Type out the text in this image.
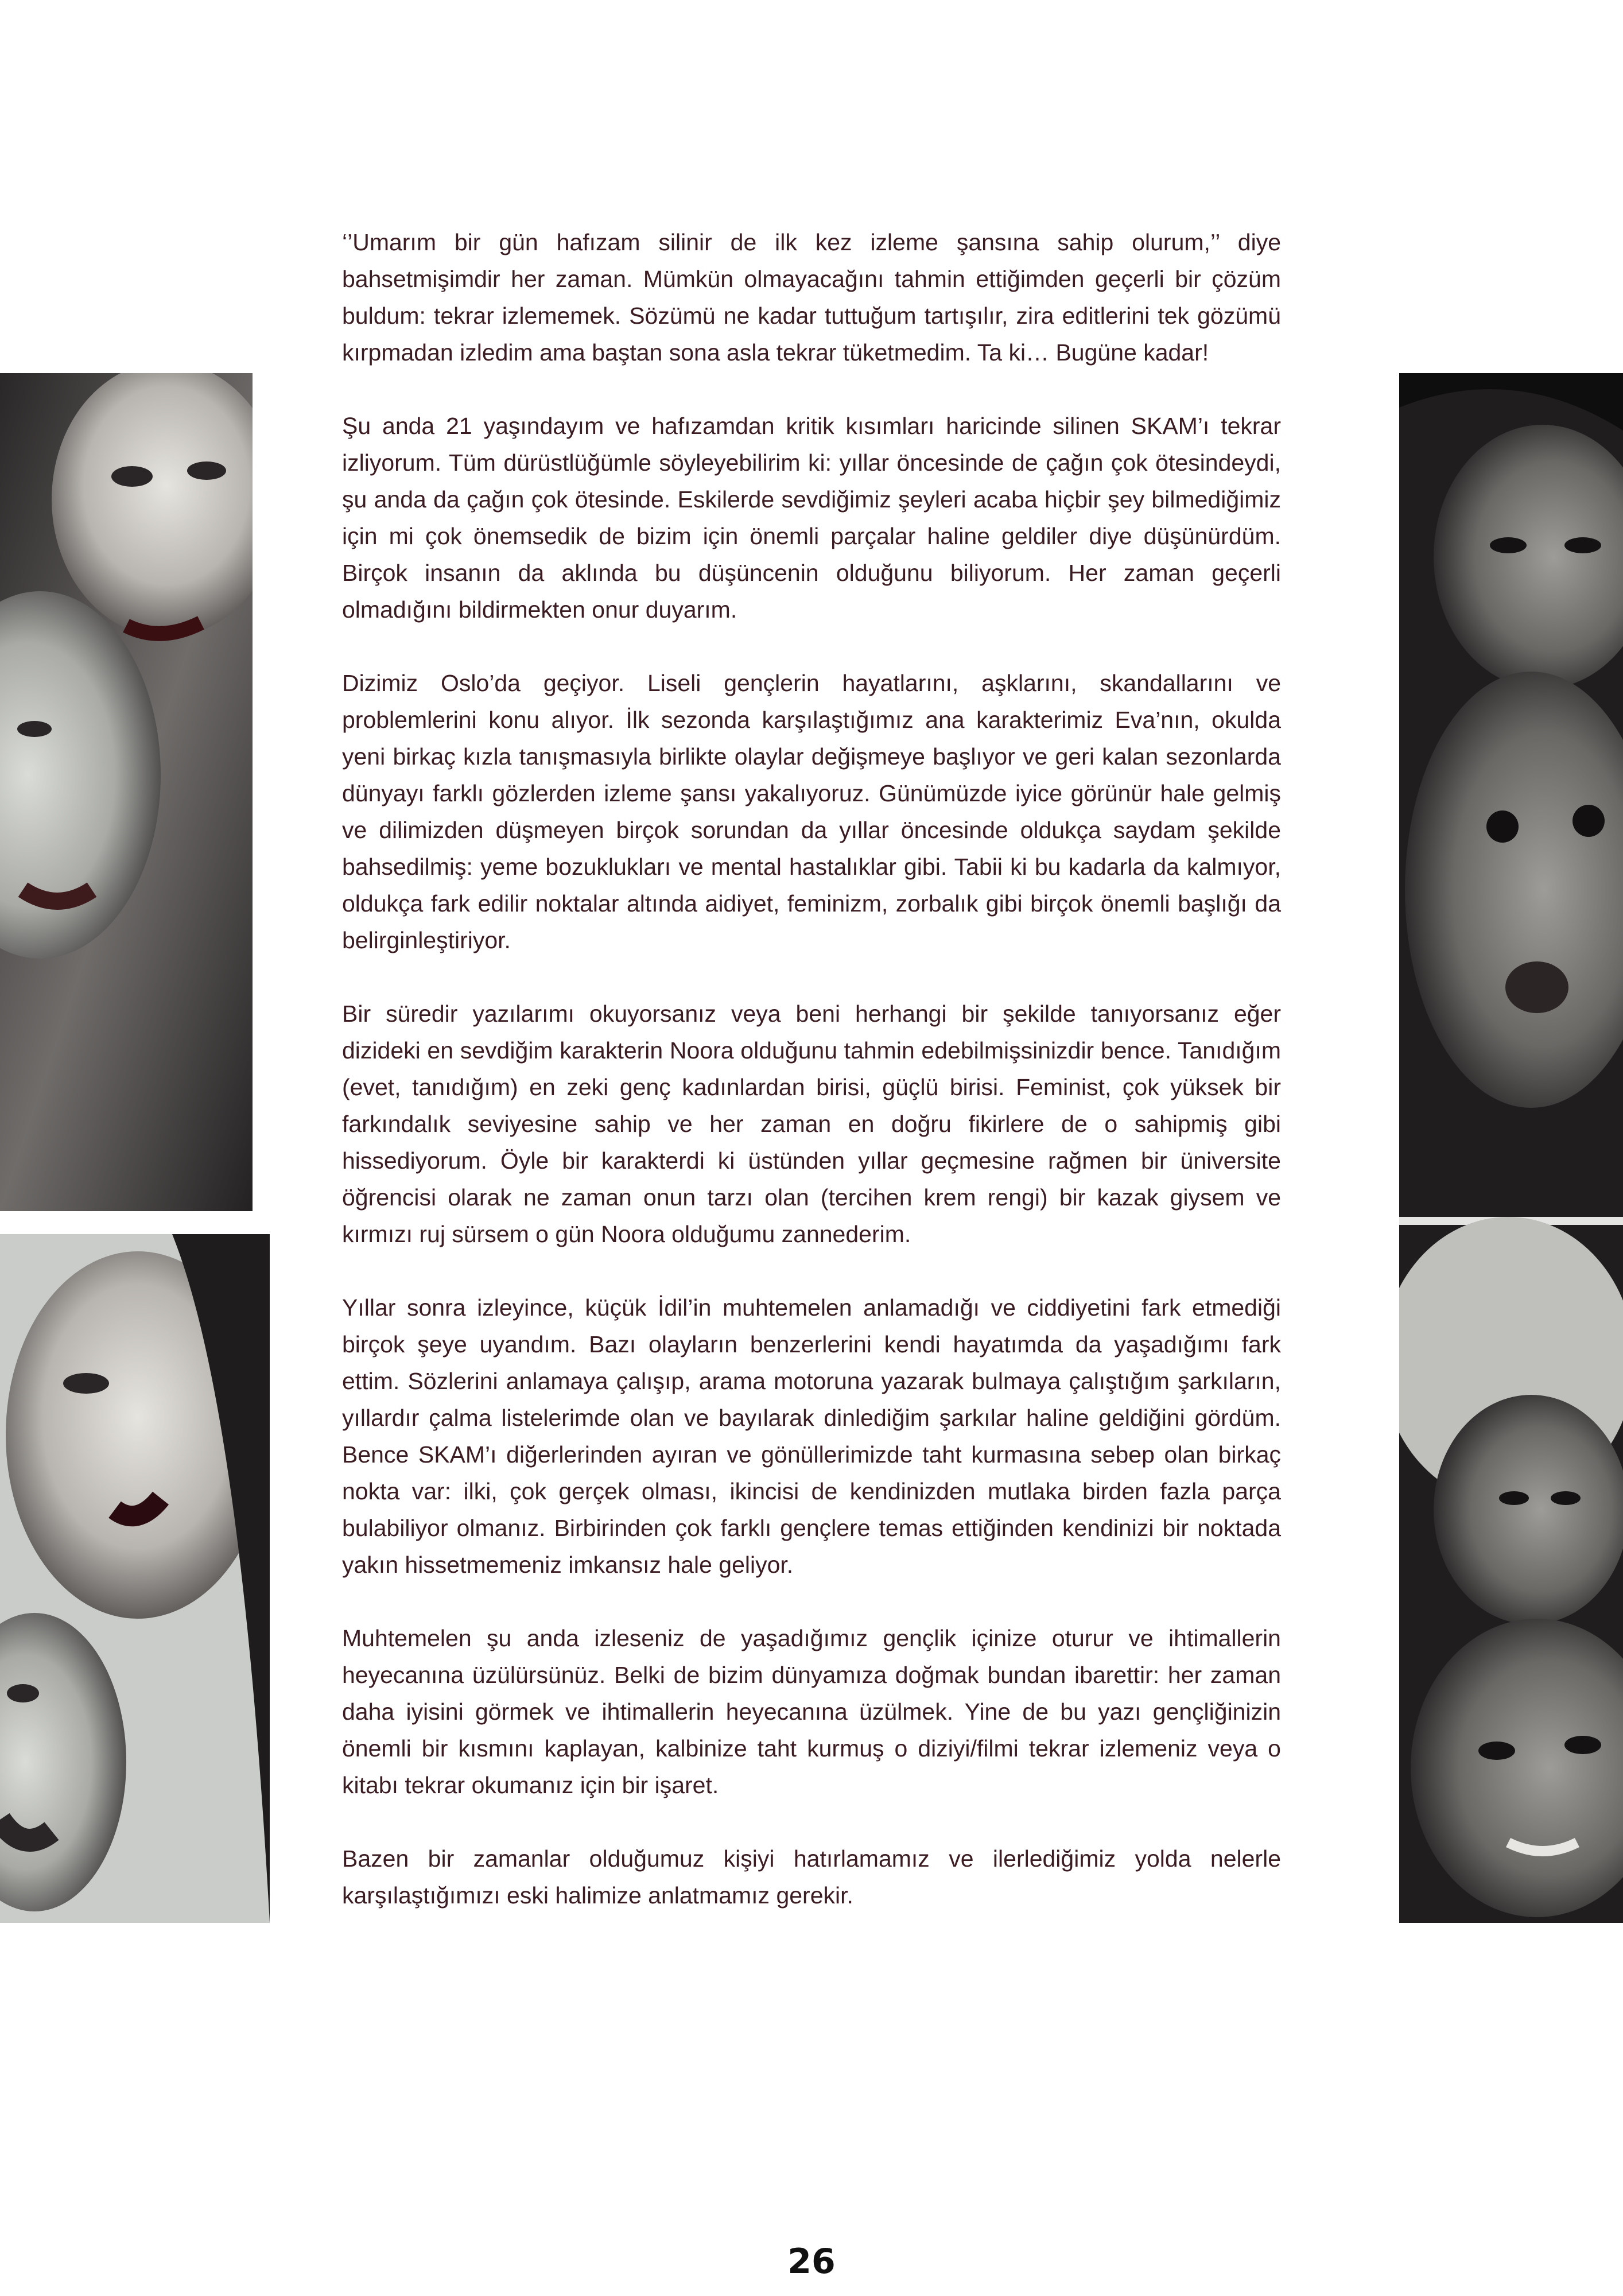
‘’Umarım bir gün hafızam silinir de ilk kez izleme şansına sahip olurum,’’ diye bahsetmişimdir her zaman. Mümkün olmayacağını tahmin ettiğimden geçerli bir çözüm buldum: tekrar izlememek. Sözümü ne kadar tuttuğum tartışılır, zira editlerini tek gözümü kırpmadan izledim ama baştan sona asla tekrar tüketmedim. Ta ki… Bugüne kadar!

Şu anda 21 yaşındayım ve hafızamdan kritik kısımları haricinde silinen SKAM’ı tekrar izliyorum. Tüm dürüstlüğümle söyleyebilirim ki: yıllar öncesinde de çağın çok ötesindeydi, şu anda da çağın çok ötesinde. Eskilerde sevdiğimiz şeyleri acaba hiçbir şey bilmediğimiz için mi çok önemsedik de bizim için önemli parçalar haline geldiler diye düşünürdüm. Birçok insanın da aklında bu düşüncenin olduğunu biliyorum. Her zaman geçerli olmadığını bildirmekten onur duyarım.

Dizimiz Oslo’da geçiyor. Liseli gençlerin hayatlarını, aşklarını, skandallarını ve problemlerini konu alıyor. İlk sezonda karşılaştığımız ana karakterimiz Eva’nın, okulda yeni birkaç kızla tanışmasıyla birlikte olaylar değişmeye başlıyor ve geri kalan sezonlarda dünyayı farklı gözlerden izleme şansı yakalıyoruz. Günümüzde iyice görünür hale gelmiş ve dilimizden düşmeyen birçok sorundan da yıllar öncesinde oldukça saydam şekilde bahsedilmiş: yeme bozuklukları ve mental hastalıklar gibi. Tabii ki bu kadarla da kalmıyor, oldukça fark edilir noktalar altında aidiyet, feminizm, zorbalık gibi birçok önemli başlığı da belirginleştiriyor.

Bir süredir yazılarımı okuyorsanız veya beni herhangi bir şekilde tanıyorsanız eğer dizideki en sevdiğim karakterin Noora olduğunu tahmin edebilmişsinizdir bence. Tanıdığım (evet, tanıdığım) en zeki genç kadınlardan birisi, güçlü birisi. Feminist, çok yüksek bir farkındalık seviyesine sahip ve her zaman en doğru fikirlere de o sahipmiş gibi hissediyorum. Öyle bir karakterdi ki üstünden yıllar geçmesine rağmen bir üniversite öğrencisi olarak ne zaman onun tarzı olan (tercihen krem rengi) bir kazak giysem ve kırmızı ruj sürsem o gün Noora olduğumu zannederim.

Yıllar sonra izleyince, küçük İdil’in muhtemelen anlamadığı ve ciddiyetini fark etmediği birçok şeye uyandım. Bazı olayların benzerlerini kendi hayatımda da yaşadığımı fark ettim. Sözlerini anlamaya çalışıp, arama motoruna yazarak bulmaya çalıştığım şarkıların, yıllardır çalma listelerimde olan ve bayılarak dinlediğim şarkılar haline geldiğini gördüm. Bence SKAM’ı diğerlerinden ayıran ve gönüllerimizde taht kurmasına sebep olan birkaç nokta var: ilki, çok gerçek olması, ikincisi de kendinizden mutlaka birden fazla parça bulabiliyor olmanız. Birbirinden çok farklı gençlere temas ettiğinden kendinizi bir noktada yakın hissetmemeniz imkansız hale geliyor.

Muhtemelen şu anda izleseniz de yaşadığımız gençlik içinize oturur ve ihtimallerin heyecanına üzülürsünüz. Belki de bizim dünyamıza doğmak bundan ibarettir: her zaman daha iyisini görmek ve ihtimallerin heyecanına üzülmek. Yine de bu yazı gençliğinizin önemli bir kısmını kaplayan, kalbinize taht kurmuş o diziyi/filmi tekrar izlemeniz veya o kitabı tekrar okumanız için bir işaret.

Bazen bir zamanlar olduğumuz kişiyi hatırlamamız ve ilerlediğimiz yolda nelerle karşılaştığımızı eski halimize anlatmamız gerekir.

26
